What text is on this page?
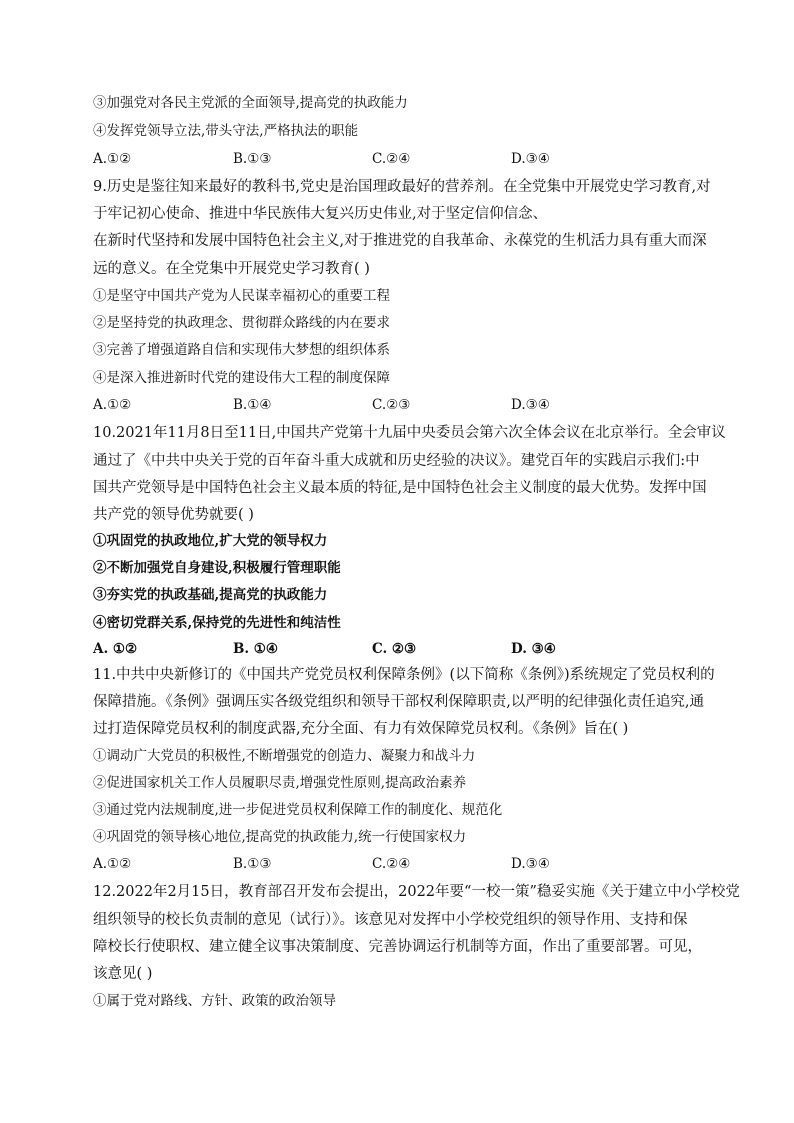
③加强党对各民主党派的全面领导,提高党的执政能力
④发挥党领导立法,带头守法,严格执法的职能
A.①②	B.①③	C.②④	D.③④
9.历史是鉴往知来最好的教科书,党史是治国理政最好的营养剂。在全党集中开展党史学习教育,对
于牢记初心使命、推进中华民族伟大复兴历史伟业,对于坚定信仰信念、
在新时代坚持和发展中国特色社会主义,对于推进党的自我革命、永葆党的生机活力具有重大而深
远的意义。在全党集中开展党史学习教育( )
①是坚守中国共产党为人民谋幸福初心的重要工程
②是坚持党的执政理念、贯彻群众路线的内在要求
③完善了增强道路自信和实现伟大梦想的组织体系
④是深入推进新时代党的建设伟大工程的制度保障
A.①②	B.①④	C.②③	D.③④
10.2021年11月8日至11日,中国共产党第十九届中央委员会第六次全体会议在北京举行。全会审议
通过了《中共中央关于党的百年奋斗重大成就和历史经验的决议》。建党百年的实践启示我们:中
国共产党领导是中国特色社会主义最本质的特征,是中国特色社会主义制度的最大优势。发挥中国
共产党的领导优势就要( )
①巩固党的执政地位,扩大党的领导权力
②不断加强党自身建设,积极履行管理职能
③夯实党的执政基础,提高党的执政能力
④密切党群关系,保持党的先进性和纯洁性
A. ①②	B. ①④	C. ②③	D. ③④
11.中共中央新修订的《中国共产党党员权利保障条例》(以下简称《条例》)系统规定了党员权利的
保障措施。《条例》强调压实各级党组织和领导干部权利保障职责,以严明的纪律强化责任追究,通
过打造保障党员权利的制度武器,充分全面、有力有效保障党员权利。《条例》旨在( )
①调动广大党员的积极性,不断增强党的创造力、凝聚力和战斗力
②促进国家机关工作人员履职尽责,增强党性原则,提高政治素养
③通过党内法规制度,进一步促进党员权利保障工作的制度化、规范化
④巩固党的领导核心地位,提高党的执政能力,统一行使国家权力
A.①②	B.①③	C.②④	D.③④
12.2022年2月15日，教育部召开发布会提出，2022年要“一校一策”稳妥实施《关于建立中小学校党
组织领导的校长负责制的意见（试行）》。该意见对发挥中小学校党组织的领导作用、支持和保
障校长行使职权、建立健全议事决策制度、完善协调运行机制等方面，作出了重要部署。可见，
该意见( )
①属于党对路线、方针、政策的政治领导
